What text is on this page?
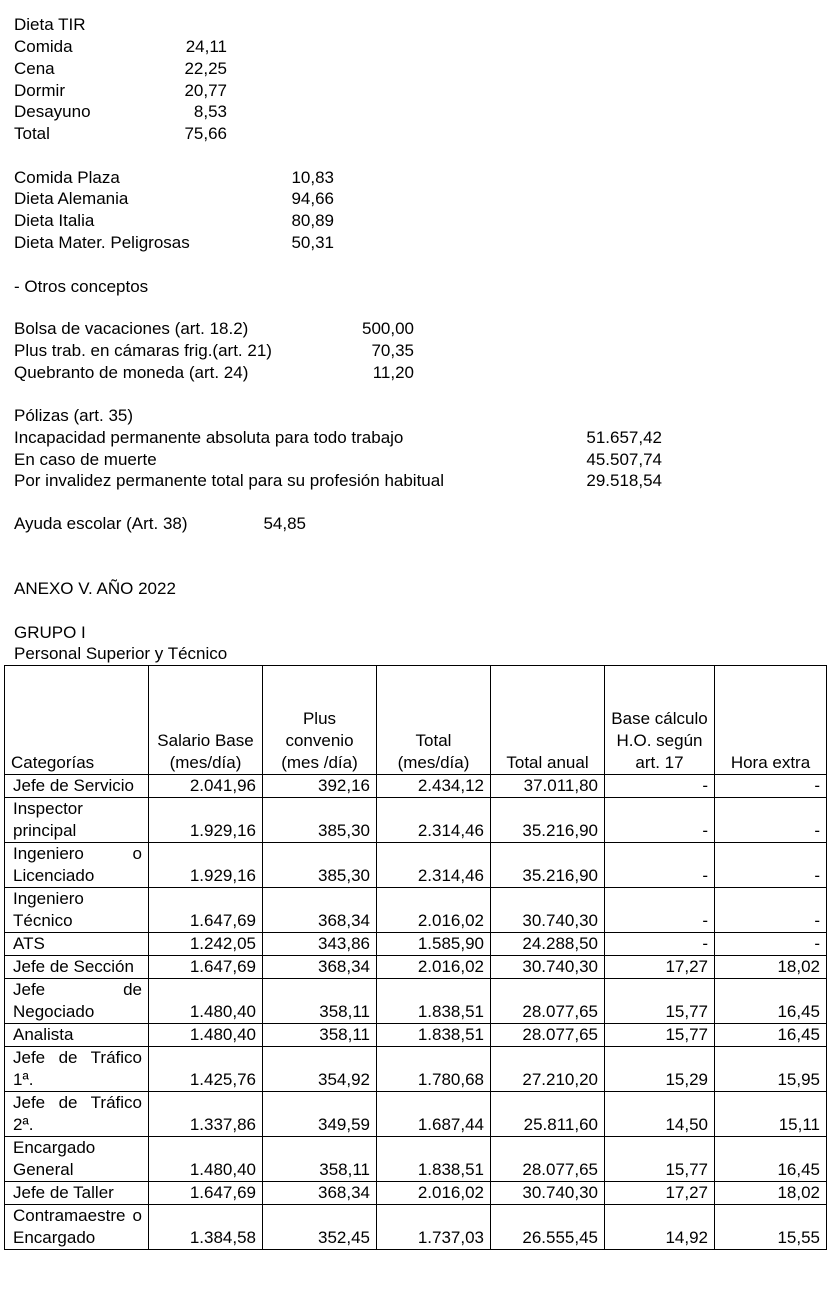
Dieta TIR
Comida	24,11
Cena	22,25
Dormir	20,77
Desayuno	8,53
Total	75,66
Comida Plaza	10,83
Dieta Alemania	94,66
Dieta Italia	80,89
Dieta Mater. Peligrosas	50,31
- Otros conceptos
Bolsa de vacaciones (art. 18.2)	500,00
Plus trab. en cámaras frig.(art. 21)	70,35
Quebranto de moneda (art. 24)	11,20
Pólizas (art. 35)
Incapacidad permanente absoluta para todo trabajo	51.657,42
En caso de muerte	45.507,74
Por invalidez permanente total para su profesión habitual	29.518,54
Ayuda escolar (Art. 38)	54,85
ANEXO V. AÑO 2022
GRUPO I
Personal Superior y Técnico
Categorías	Salario Base (mes/día)	Plus convenio (mes /día)	Total (mes/día)	Total anual	Base cálculo H.O. según art. 17	Hora extra
Jefe de Servicio	2.041,96	392,16	2.434,12	37.011,80	-	-
Inspector principal	1.929,16	385,30	2.314,46	35.216,90	-	-
Ingeniero o Licenciado	1.929,16	385,30	2.314,46	35.216,90	-	-
Ingeniero Técnico	1.647,69	368,34	2.016,02	30.740,30	-	-
ATS	1.242,05	343,86	1.585,90	24.288,50	-	-
Jefe de Sección	1.647,69	368,34	2.016,02	30.740,30	17,27	18,02
Jefe de Negociado	1.480,40	358,11	1.838,51	28.077,65	15,77	16,45
Analista	1.480,40	358,11	1.838,51	28.077,65	15,77	16,45
Jefe de Tráfico 1ª.	1.425,76	354,92	1.780,68	27.210,20	15,29	15,95
Jefe de Tráfico 2ª.	1.337,86	349,59	1.687,44	25.811,60	14,50	15,11
Encargado General	1.480,40	358,11	1.838,51	28.077,65	15,77	16,45
Jefe de Taller	1.647,69	368,34	2.016,02	30.740,30	17,27	18,02
Contramaestre o Encargado	1.384,58	352,45	1.737,03	26.555,45	14,92	15,55
